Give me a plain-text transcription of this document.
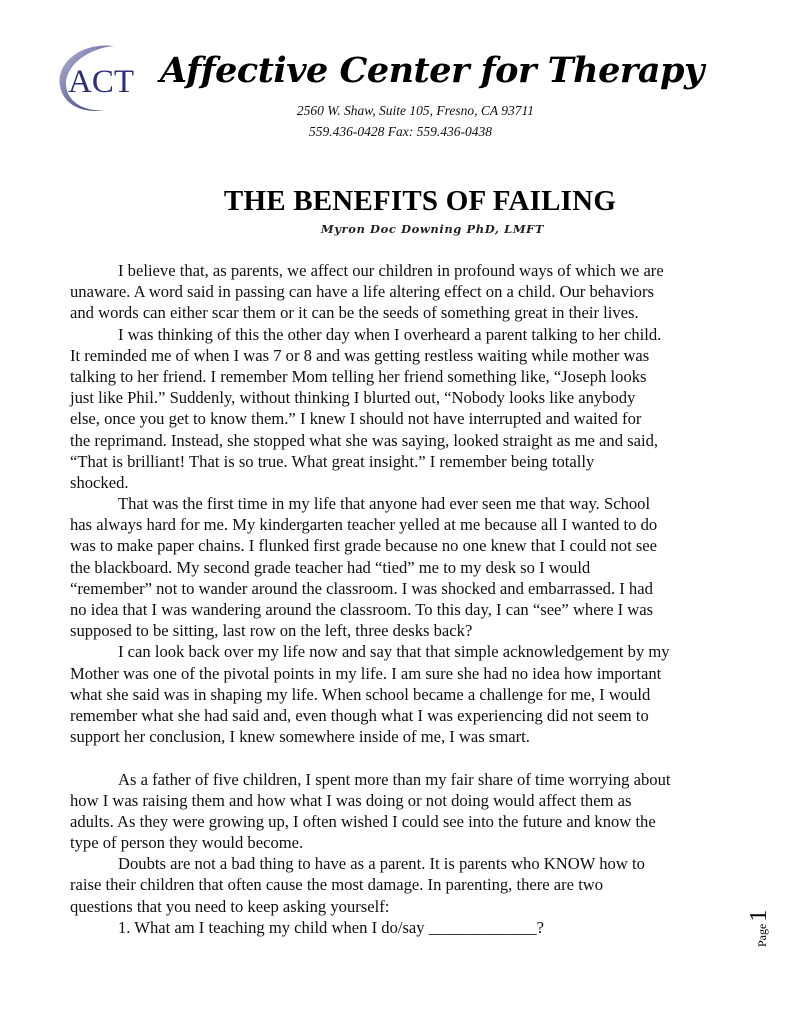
ACT Affective Center for Therapy
2560 W. Shaw, Suite 105, Fresno, CA 93711
559.436-0428 Fax: 559.436-0438
THE BENEFITS OF FAILING
Myron Doc Downing PhD, LMFT
I believe that, as parents, we affect our children in profound ways of which we are
unaware. A word said in passing can have a life altering effect on a child. Our behaviors
and words can either scar them or it can be the seeds of something great in their lives.
I was thinking of this the other day when I overheard a parent talking to her child.
It reminded me of when I was 7 or 8 and was getting restless waiting while mother was
talking to her friend. I remember Mom telling her friend something like, “Joseph looks
just like Phil.” Suddenly, without thinking I blurted out, “Nobody looks like anybody
else, once you get to know them.” I knew I should not have interrupted and waited for
the reprimand. Instead, she stopped what she was saying, looked straight as me and said,
“That is brilliant! That is so true. What great insight.” I remember being totally
shocked.
That was the first time in my life that anyone had ever seen me that way. School
has always hard for me. My kindergarten teacher yelled at me because all I wanted to do
was to make paper chains. I flunked first grade because no one knew that I could not see
the blackboard. My second grade teacher had “tied” me to my desk so I would
“remember” not to wander around the classroom. I was shocked and embarrassed. I had
no idea that I was wandering around the classroom. To this day, I can “see” where I was
supposed to be sitting, last row on the left, three desks back?
I can look back over my life now and say that that simple acknowledgement by my
Mother was one of the pivotal points in my life. I am sure she had no idea how important
what she said was in shaping my life. When school became a challenge for me, I would
remember what she had said and, even though what I was experiencing did not seem to
support her conclusion, I knew somewhere inside of me, I was smart.
As a father of five children, I spent more than my fair share of time worrying about
how I was raising them and how what I was doing or not doing would affect them as
adults. As they were growing up, I often wished I could see into the future and know the
type of person they would become.
Doubts are not a bad thing to have as a parent. It is parents who KNOW how to
raise their children that often cause the most damage. In parenting, there are two
questions that you need to keep asking yourself:
1. What am I teaching my child when I do/say _____________?	Page1
